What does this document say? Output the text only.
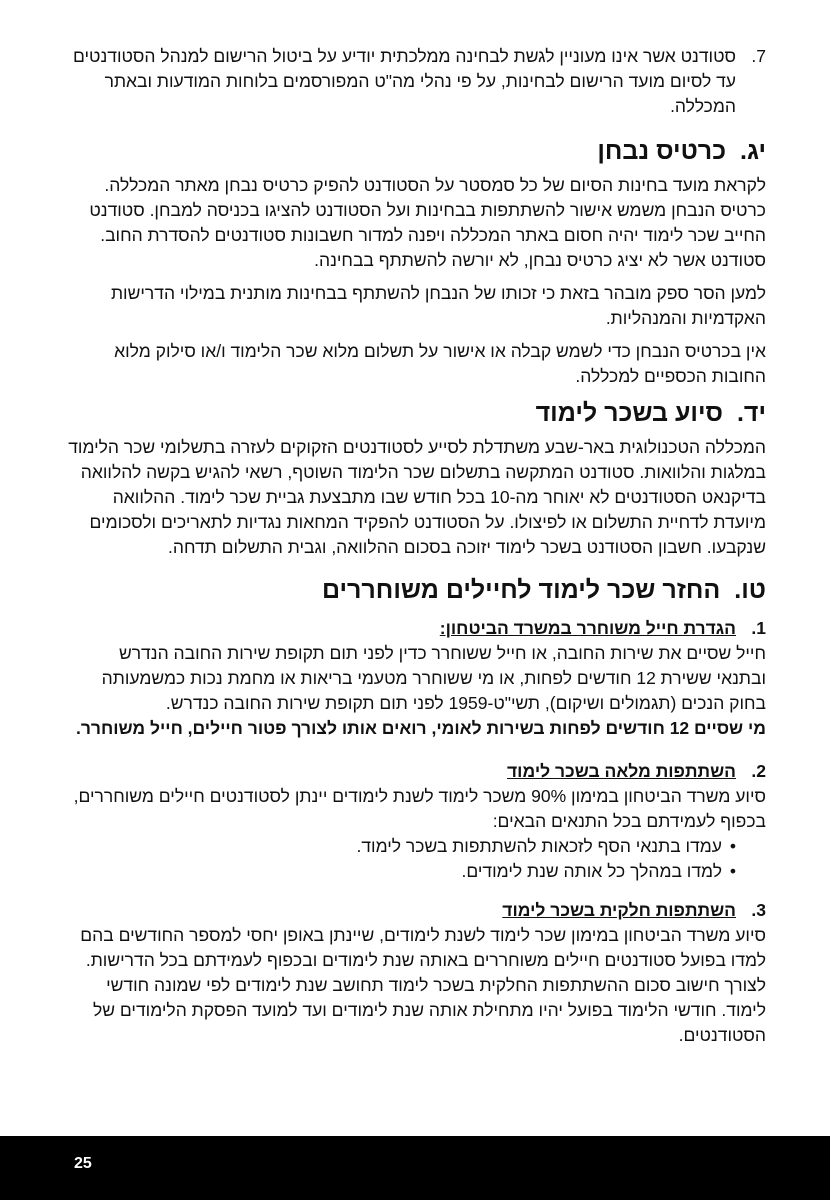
7.

סטודנט אשר אינו מעוניין לגשת לבחינה ממלכתית יודיע על ביטול הרישום למנהל הסטודנטים עד לסיום מועד הרישום לבחינות, על פי נהלי מה"ט המפורסמים בלוחות המודעות ובאתר המכללה.

יג.כרטיס נבחן

לקראת מועד בחינות הסיום של כל סמסטר על הסטודנט להפיק כרטיס נבחן מאתר המכללה. כרטיס הנבחן משמש אישור להשתתפות בבחינות ועל הסטודנט להציגו בכניסה למבחן. סטודנט החייב שכר לימוד יהיה חסום באתר המכללה ויפנה למדור חשבונות סטודנטים להסדרת החוב. סטודנט אשר לא יציג כרטיס נבחן, לא יורשה להשתתף בבחינה.

למען הסר ספק מובהר בזאת כי זכותו של הנבחן להשתתף בבחינות מותנית במילוי הדרישות האקדמיות והמנהליות.

אין בכרטיס הנבחן כדי לשמש קבלה או אישור על תשלום מלוא שכר הלימוד ו/או סילוק מלוא החובות הכספיים למכללה.

יד.סיוע בשכר לימוד

המכללה הטכנולוגית באר-שבע משתדלת לסייע לסטודנטים הזקוקים לעזרה בתשלומי שכר הלימוד במלגות והלוואות. סטודנט המתקשה בתשלום שכר הלימוד השוטף, רשאי להגיש בקשה להלוואה בדיקנאט הסטודנטים לא יאוחר מה-10 בכל חודש שבו מתבצעת גביית שכר לימוד. ההלוואה מיועדת לדחיית התשלום או לפיצולו. על הסטודנט להפקיד המחאות נגדיות לתאריכים ולסכומים שנקבעו. חשבון הסטודנט בשכר לימוד יזוכה בסכום ההלוואה, וגבית התשלום תדחה.

טו.החזר שכר לימוד לחיילים משוחררים
1.
הגדרת חייל משוחרר במשרד הביטחון:

חייל שסיים את שירות החובה, או חייל ששוחרר כדין לפני תום תקופת שירות החובה הנדרש ובתנאי ששירת 12 חודשים לפחות, או מי ששוחרר מטעמי בריאות או מחמת נכות כמשמעותה בחוק הנכים (תגמולים ושיקום), תשי"ט-1959 לפני תום תקופת שירות החובה כנדרש.

מי שסיים 12 חודשים לפחות בשירות לאומי, רואים אותו לצורך פטור חיילים, חייל משוחרר.

2.
השתתפות מלאה בשכר לימוד

סיוע משרד הביטחון במימון 90% משכר לימוד לשנת לימודים יינתן לסטודנטים חיילים משוחררים, בכפוף לעמידתם בכל התנאים הבאים:

• עמדו בתנאי הסף לזכאות להשתתפות בשכר לימוד.
• למדו במהלך כל אותה שנת לימודים.
3.
השתתפות חלקית בשכר לימוד

סיוע משרד הביטחון במימון שכר לימוד לשנת לימודים, שיינתן באופן יחסי למספר החודשים בהם למדו בפועל סטודנטים חיילים משוחררים באותה שנת לימודים ובכפוף לעמידתם בכל הדרישות.

לצורך חישוב סכום ההשתתפות החלקית בשכר לימוד תחושב שנת לימודים לפי שמונה חודשי לימוד. חודשי הלימוד בפועל יהיו מתחילת אותה שנת לימודים ועד למועד הפסקת הלימודים של הסטודנטים.

25
